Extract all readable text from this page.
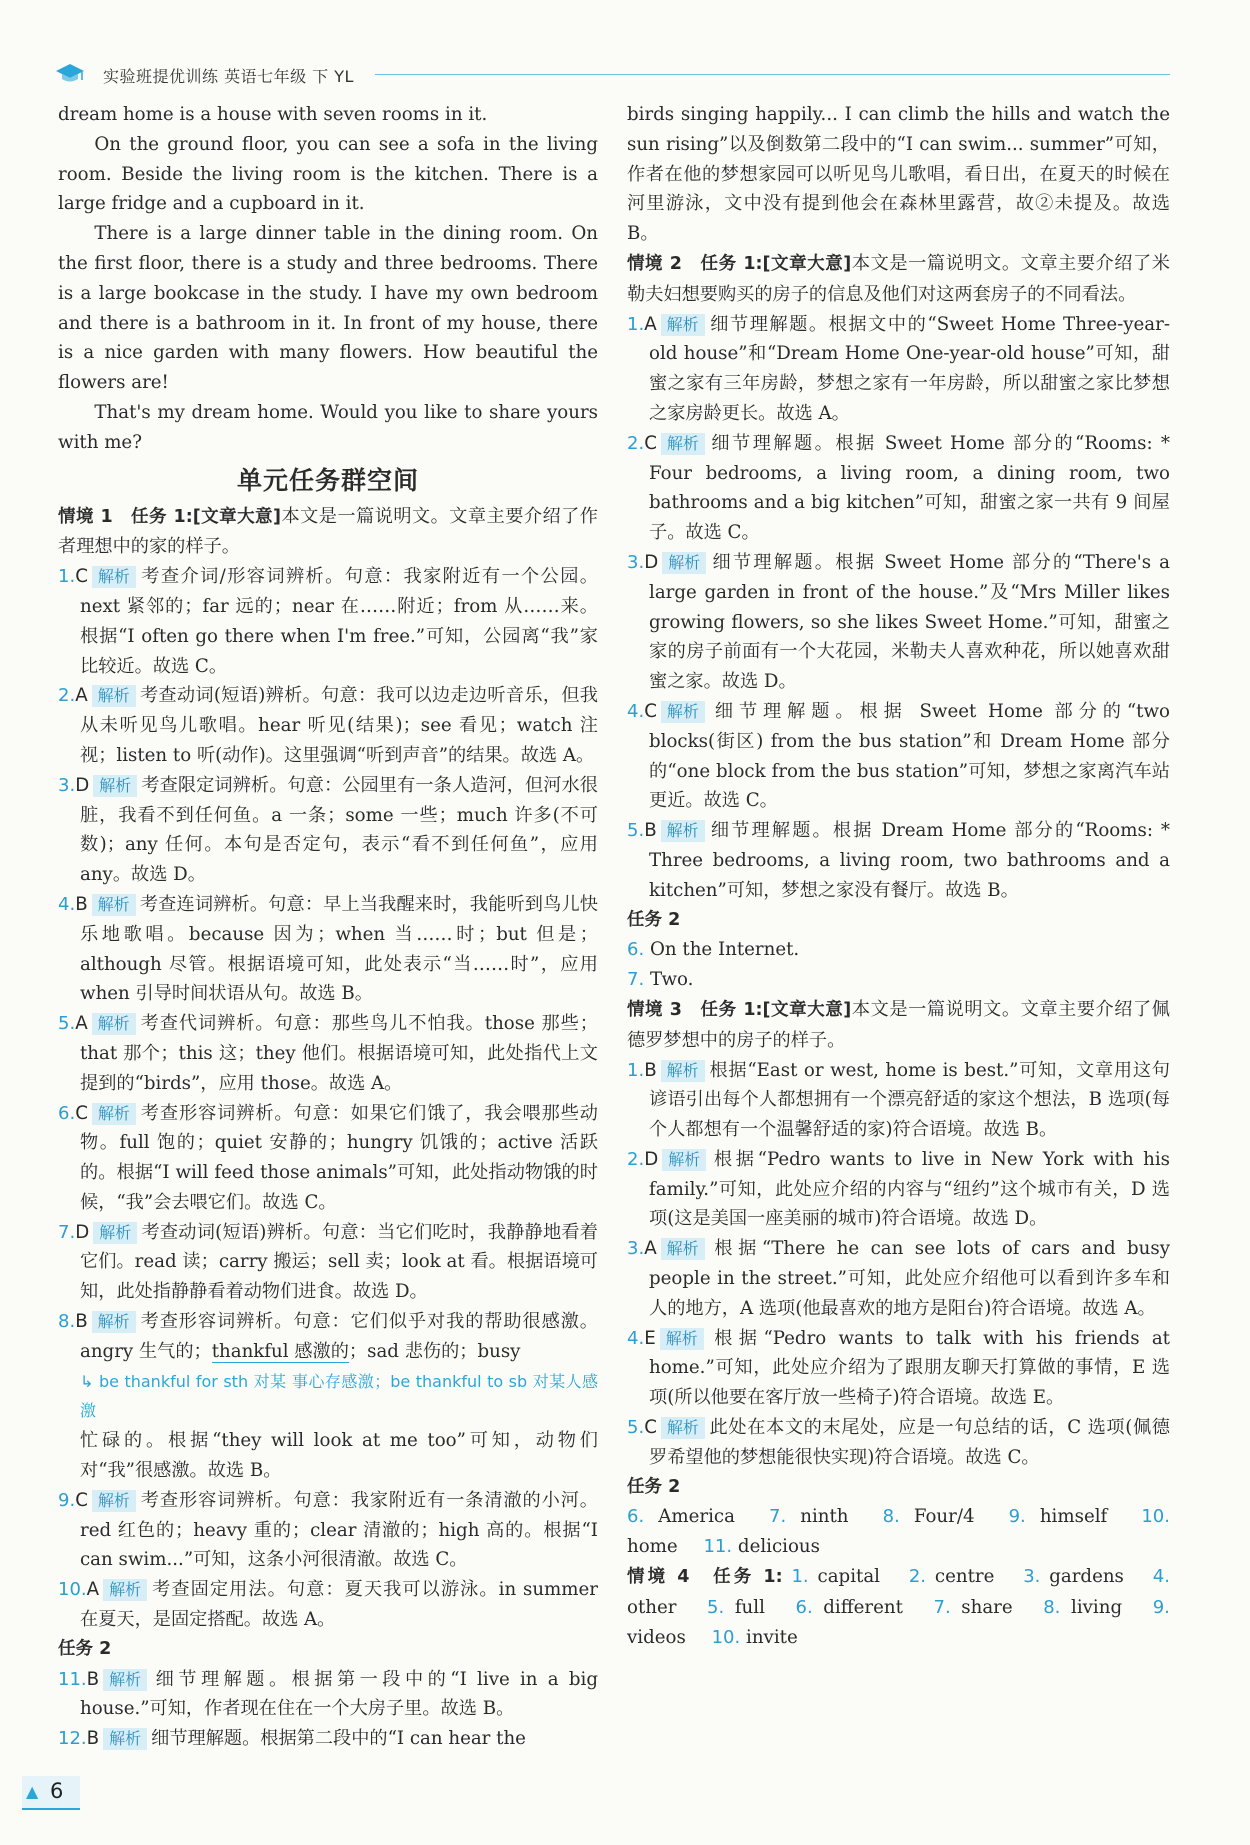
实验班提优训练 英语七年级 下 YL

dream home is a house with seven rooms in it.

On the ground floor, you can see a sofa in the living room. Beside the living room is the kitchen. There is a large fridge and a cupboard in it.

There is a large dinner table in the dining room. On the first floor, there is a study and three bedrooms. There is a large bookcase in the study. I have my own bedroom and there is a bathroom in it. In front of my house, there is a nice garden with many flowers. How beautiful the flowers are!

That's my dream home. Would you like to share yours with me?

单元任务群空间

情境 1　任务 1:[文章大意]本文是一篇说明文。文章主要介绍了作者理想中的家的样子。

1.C 解析 考查介词/形容词辨析。句意：我家附近有一个公园。next 紧邻的；far 远的；near 在……附近；from 从……来。根据“I often go there when I'm free.”可知，公园离“我”家比较近。故选 C。

2.A 解析 考查动词(短语)辨析。句意：我可以边走边听音乐，但我从未听见鸟儿歌唱。hear 听见(结果)；see 看见；watch 注视；listen to 听(动作)。这里强调“听到声音”的结果。故选 A。

3.D 解析 考查限定词辨析。句意：公园里有一条人造河，但河水很脏，我看不到任何鱼。a 一条；some 一些；much 许多(不可数)；any 任何。本句是否定句，表示“看不到任何鱼”，应用 any。故选 D。

4.B 解析 考查连词辨析。句意：早上当我醒来时，我能听到鸟儿快乐地歌唱。because 因为；when 当……时；but 但是；although 尽管。根据语境可知，此处表示“当……时”，应用 when 引导时间状语从句。故选 B。

5.A 解析 考查代词辨析。句意：那些鸟儿不怕我。those 那些；that 那个；this 这；they 他们。根据语境可知，此处指代上文提到的“birds”，应用 those。故选 A。

6.C 解析 考查形容词辨析。句意：如果它们饿了，我会喂那些动物。full 饱的；quiet 安静的；hungry 饥饿的；active 活跃的。根据“I will feed those animals”可知，此处指动物饿的时候，“我”会去喂它们。故选 C。

7.D 解析 考查动词(短语)辨析。句意：当它们吃时，我静静地看着它们。read 读；carry 搬运；sell 卖；look at 看。根据语境可知，此处指静静看着动物们进食。故选 D。

8.B 解析 考查形容词辨析。句意：它们似乎对我的帮助很感激。angry 生气的；thankful 感激的；sad 悲伤的；busy
↳ be thankful for sth 对某 事心存感激；be thankful to sb 对某人感激
忙碌的。根据“they will look at me too”可知，动物们对“我”很感激。故选 B。

9.C 解析 考查形容词辨析。句意：我家附近有一条清澈的小河。red 红色的；heavy 重的；clear 清澈的；high 高的。根据“I can swim...”可知，这条小河很清澈。故选 C。

10.A 解析 考查固定用法。句意：夏天我可以游泳。in summer 在夏天，是固定搭配。故选 A。

任务 2

11.B 解析 细节理解题。根据第一段中的“I live in a big house.”可知，作者现在住在一个大房子里。故选 B。

12.B 解析 细节理解题。根据第二段中的“I can hear the

birds singing happily... I can climb the hills and watch the sun rising”以及倒数第二段中的“I can swim... summer”可知，作者在他的梦想家园可以听见鸟儿歌唱，看日出，在夏天的时候在河里游泳，文中没有提到他会在森林里露营，故②未提及。故选 B。

情境 2　任务 1:[文章大意]本文是一篇说明文。文章主要介绍了米勒夫妇想要购买的房子的信息及他们对这两套房子的不同看法。

1.A 解析 细节理解题。根据文中的“Sweet Home Three-year-old house”和“Dream Home One-year-old house”可知，甜蜜之家有三年房龄，梦想之家有一年房龄，所以甜蜜之家比梦想之家房龄更长。故选 A。

2.C 解析 细节理解题。根据 Sweet Home 部分的“Rooms: * Four bedrooms, a living room, a dining room, two bathrooms and a big kitchen”可知，甜蜜之家一共有 9 间屋子。故选 C。

3.D 解析 细节理解题。根据 Sweet Home 部分的“There's a large garden in front of the house.”及“Mrs Miller likes growing flowers, so she likes Sweet Home.”可知，甜蜜之家的房子前面有一个大花园，米勒夫人喜欢种花，所以她喜欢甜蜜之家。故选 D。

4.C 解析 细节理解题。根据 Sweet Home 部分的“two blocks(街区) from the bus station”和 Dream Home 部分的“one block from the bus station”可知，梦想之家离汽车站更近。故选 C。

5.B 解析 细节理解题。根据 Dream Home 部分的“Rooms: * Three bedrooms, a living room, two bathrooms and a kitchen”可知，梦想之家没有餐厅。故选 B。

任务 2

6. On the Internet.

7. Two.

情境 3　任务 1:[文章大意]本文是一篇说明文。文章主要介绍了佩德罗梦想中的房子的样子。

1.B 解析 根据“East or west, home is best.”可知，文章用这句谚语引出每个人都想拥有一个漂亮舒适的家这个想法，B 选项(每个人都想有一个温馨舒适的家)符合语境。故选 B。

2.D 解析 根据“Pedro wants to live in New York with his family.”可知，此处应介绍的内容与“纽约”这个城市有关，D 选项(这是美国一座美丽的城市)符合语境。故选 D。

3.A 解析 根据“There he can see lots of cars and busy people in the street.”可知，此处应介绍他可以看到许多车和人的地方，A 选项(他最喜欢的地方是阳台)符合语境。故选 A。

4.E 解析 根据“Pedro wants to talk with his friends at home.”可知，此处应介绍为了跟朋友聊天打算做的事情，E 选项(所以他要在客厅放一些椅子)符合语境。故选 E。

5.C 解析 此处在本文的末尾处，应是一句总结的话，C 选项(佩德罗希望他的梦想能很快实现)符合语境。故选 C。

任务 2

6. America 7. ninth 8. Four/4 9. himself 10. home 11. delicious

情境 4　任务 1: 1. capital 2. centre 3. gardens 4. other 5. full 6. different 7. share 8. living 9. videos 10. invite

▲ 6
